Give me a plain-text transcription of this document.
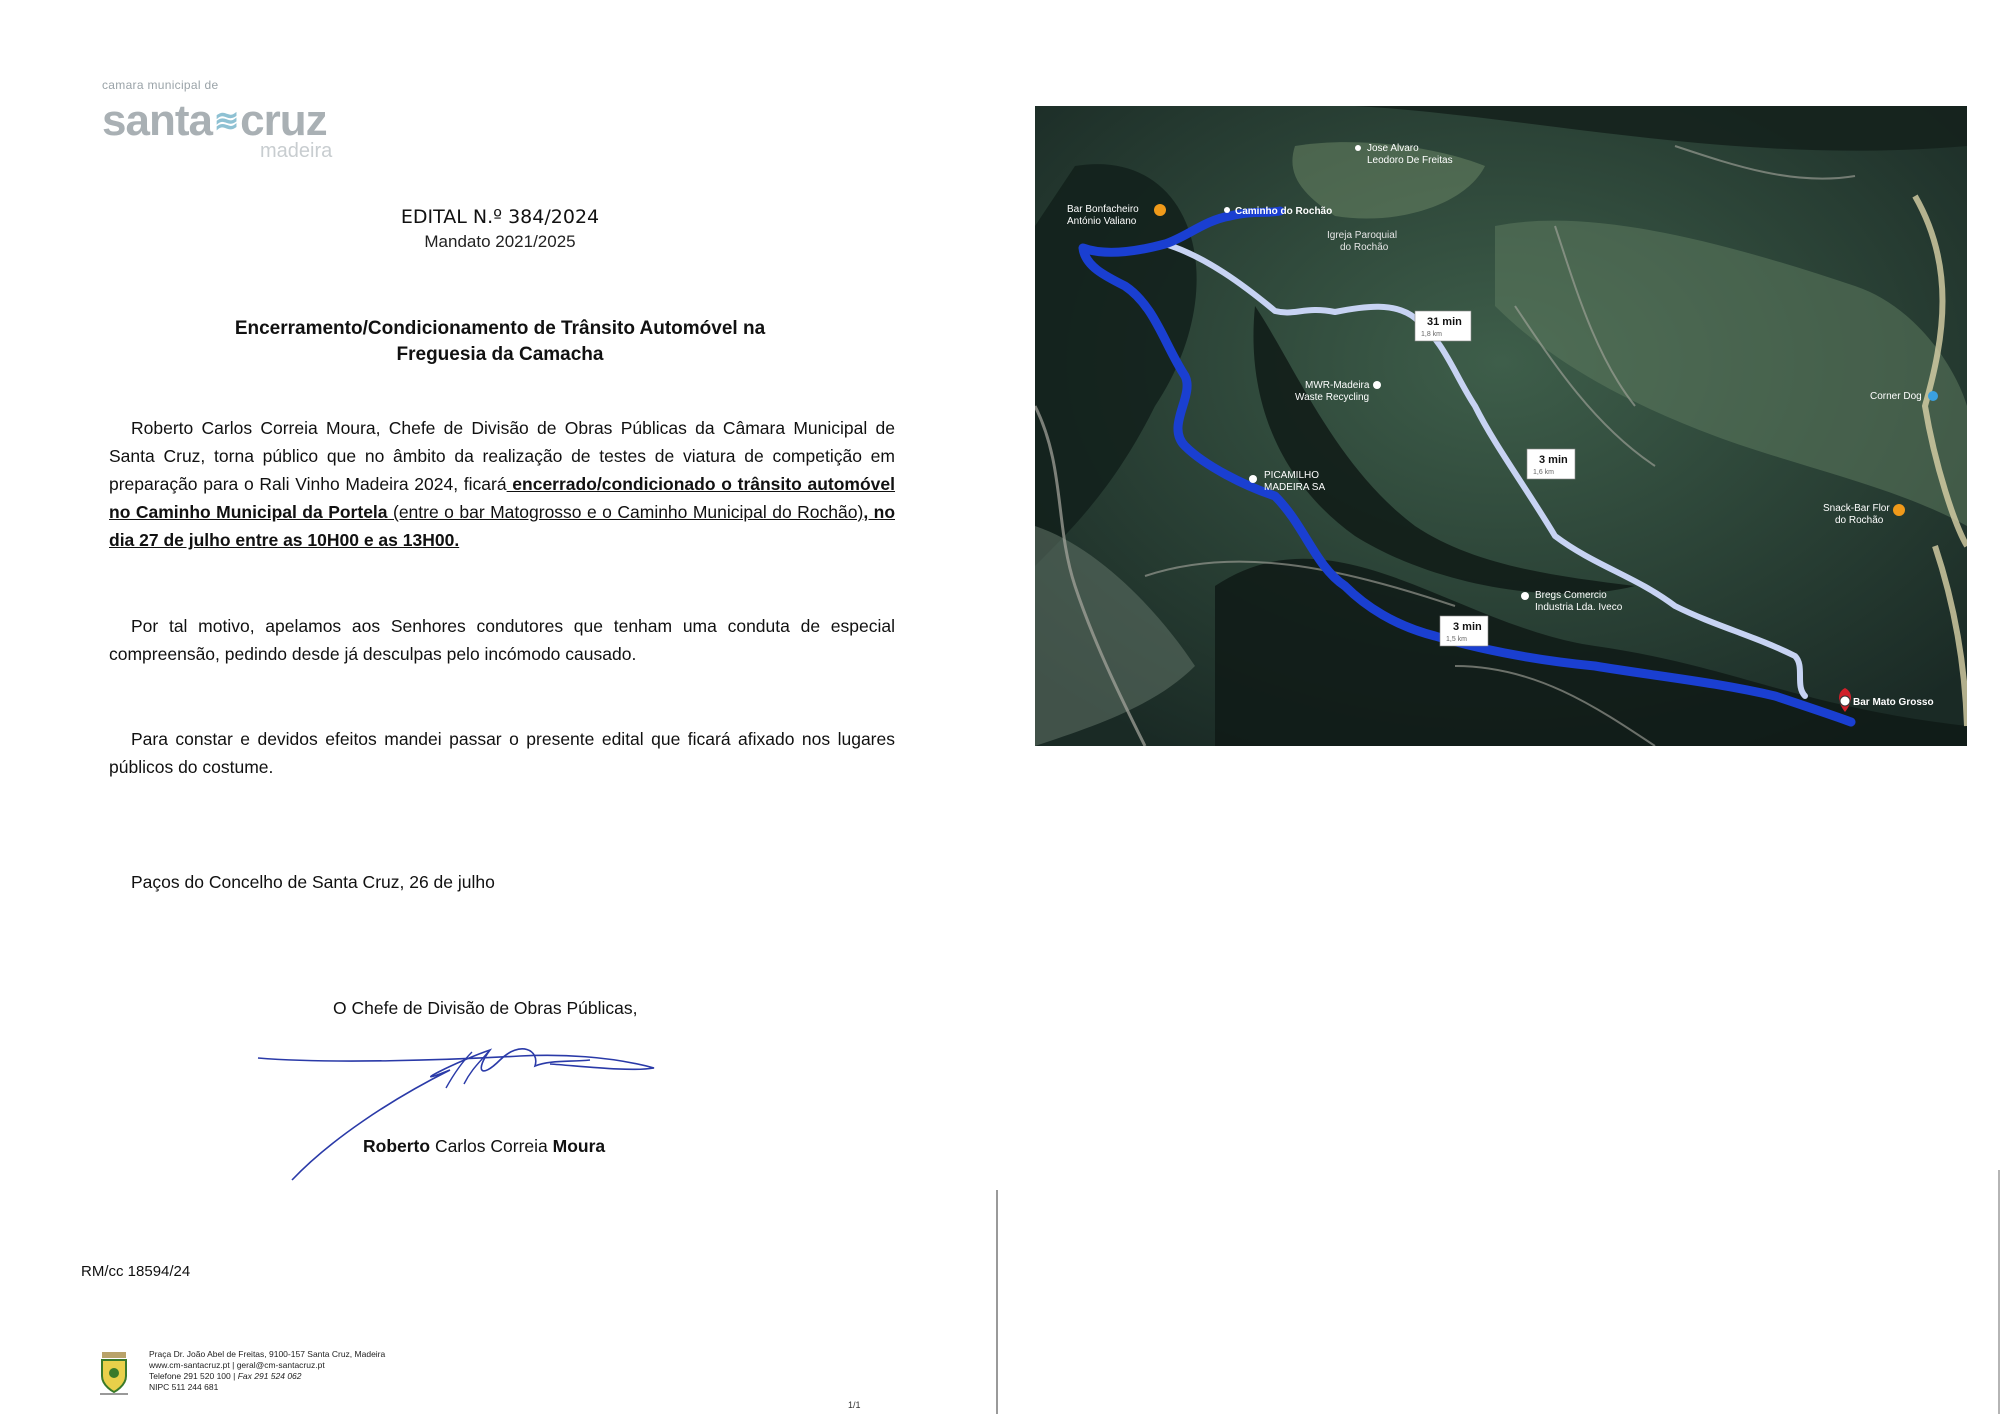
camara municipal de
santa≋cruz
madeira
EDITAL N.º 384/2024
Mandato 2021/2025
Encerramento/Condicionamento de Trânsito Automóvel na
Freguesia da Camacha
Roberto Carlos Correia Moura, Chefe de Divisão de Obras Públicas da Câmara Municipal de Santa Cruz, torna público que no âmbito da realização de testes de viatura de competição em preparação para o Rali Vinho Madeira 2024, ficará encerrado/condicionado o trânsito automóvel no Caminho Municipal da Portela (entre o bar Matogrosso e o Caminho Municipal do Rochão), no dia 27 de julho entre as 10H00 e as 13H00.
Por tal motivo, apelamos aos Senhores condutores que tenham uma conduta de especial compreensão, pedindo desde já desculpas pelo incómodo causado.
Para constar e devidos efeitos mandei passar o presente edital que ficará afixado nos lugares públicos do costume.
Paços do Concelho de Santa Cruz, 26 de julho
O Chefe de Divisão de Obras Públicas,
Roberto Carlos Correia Moura
RM/cc 18594/24
Praça Dr. João Abel de Freitas, 9100-157 Santa Cruz, Madeira
www.cm-santacruz.pt | geral@cm-santacruz.pt
Telefone 291 520 100 | Fax 291 524 062
NIPC 511 244 681
1/1
31 min
1,8 km
3 min
1,6 km
3 min
1,5 km
Jose Alvaro
Leodoro De Freitas
Bar Bonfacheiro
António Valiano
Caminho do Rochão
Igreja Paroquial
do Rochão
MWR-Madeira
Waste Recycling
PICAMILHO
MADEIRA SA
Corner Dog
Snack-Bar Flor
do Rochão
Bregs Comercio
Industria Lda. Iveco
Bar Mato Grosso
